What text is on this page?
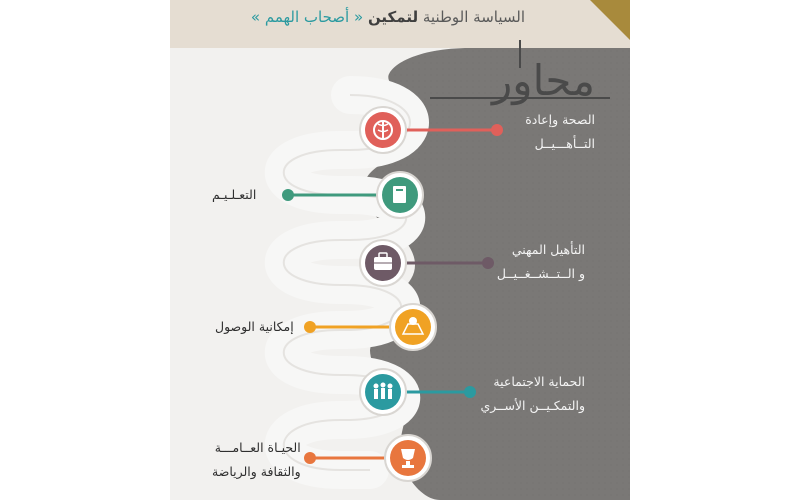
السياسة الوطنية لتمكين « أصحاب الهمم »
محاور
الصحة وإعادة
التــأهـــيــل
التعـلـيـم
التأهيل المهني
و الــتــشــغــيــل
إمكانية الوصول
الحماية الاجتماعية
والتمكـيــن الأســري
الحيـاة العــامـــة
والثقافة والرياضة
